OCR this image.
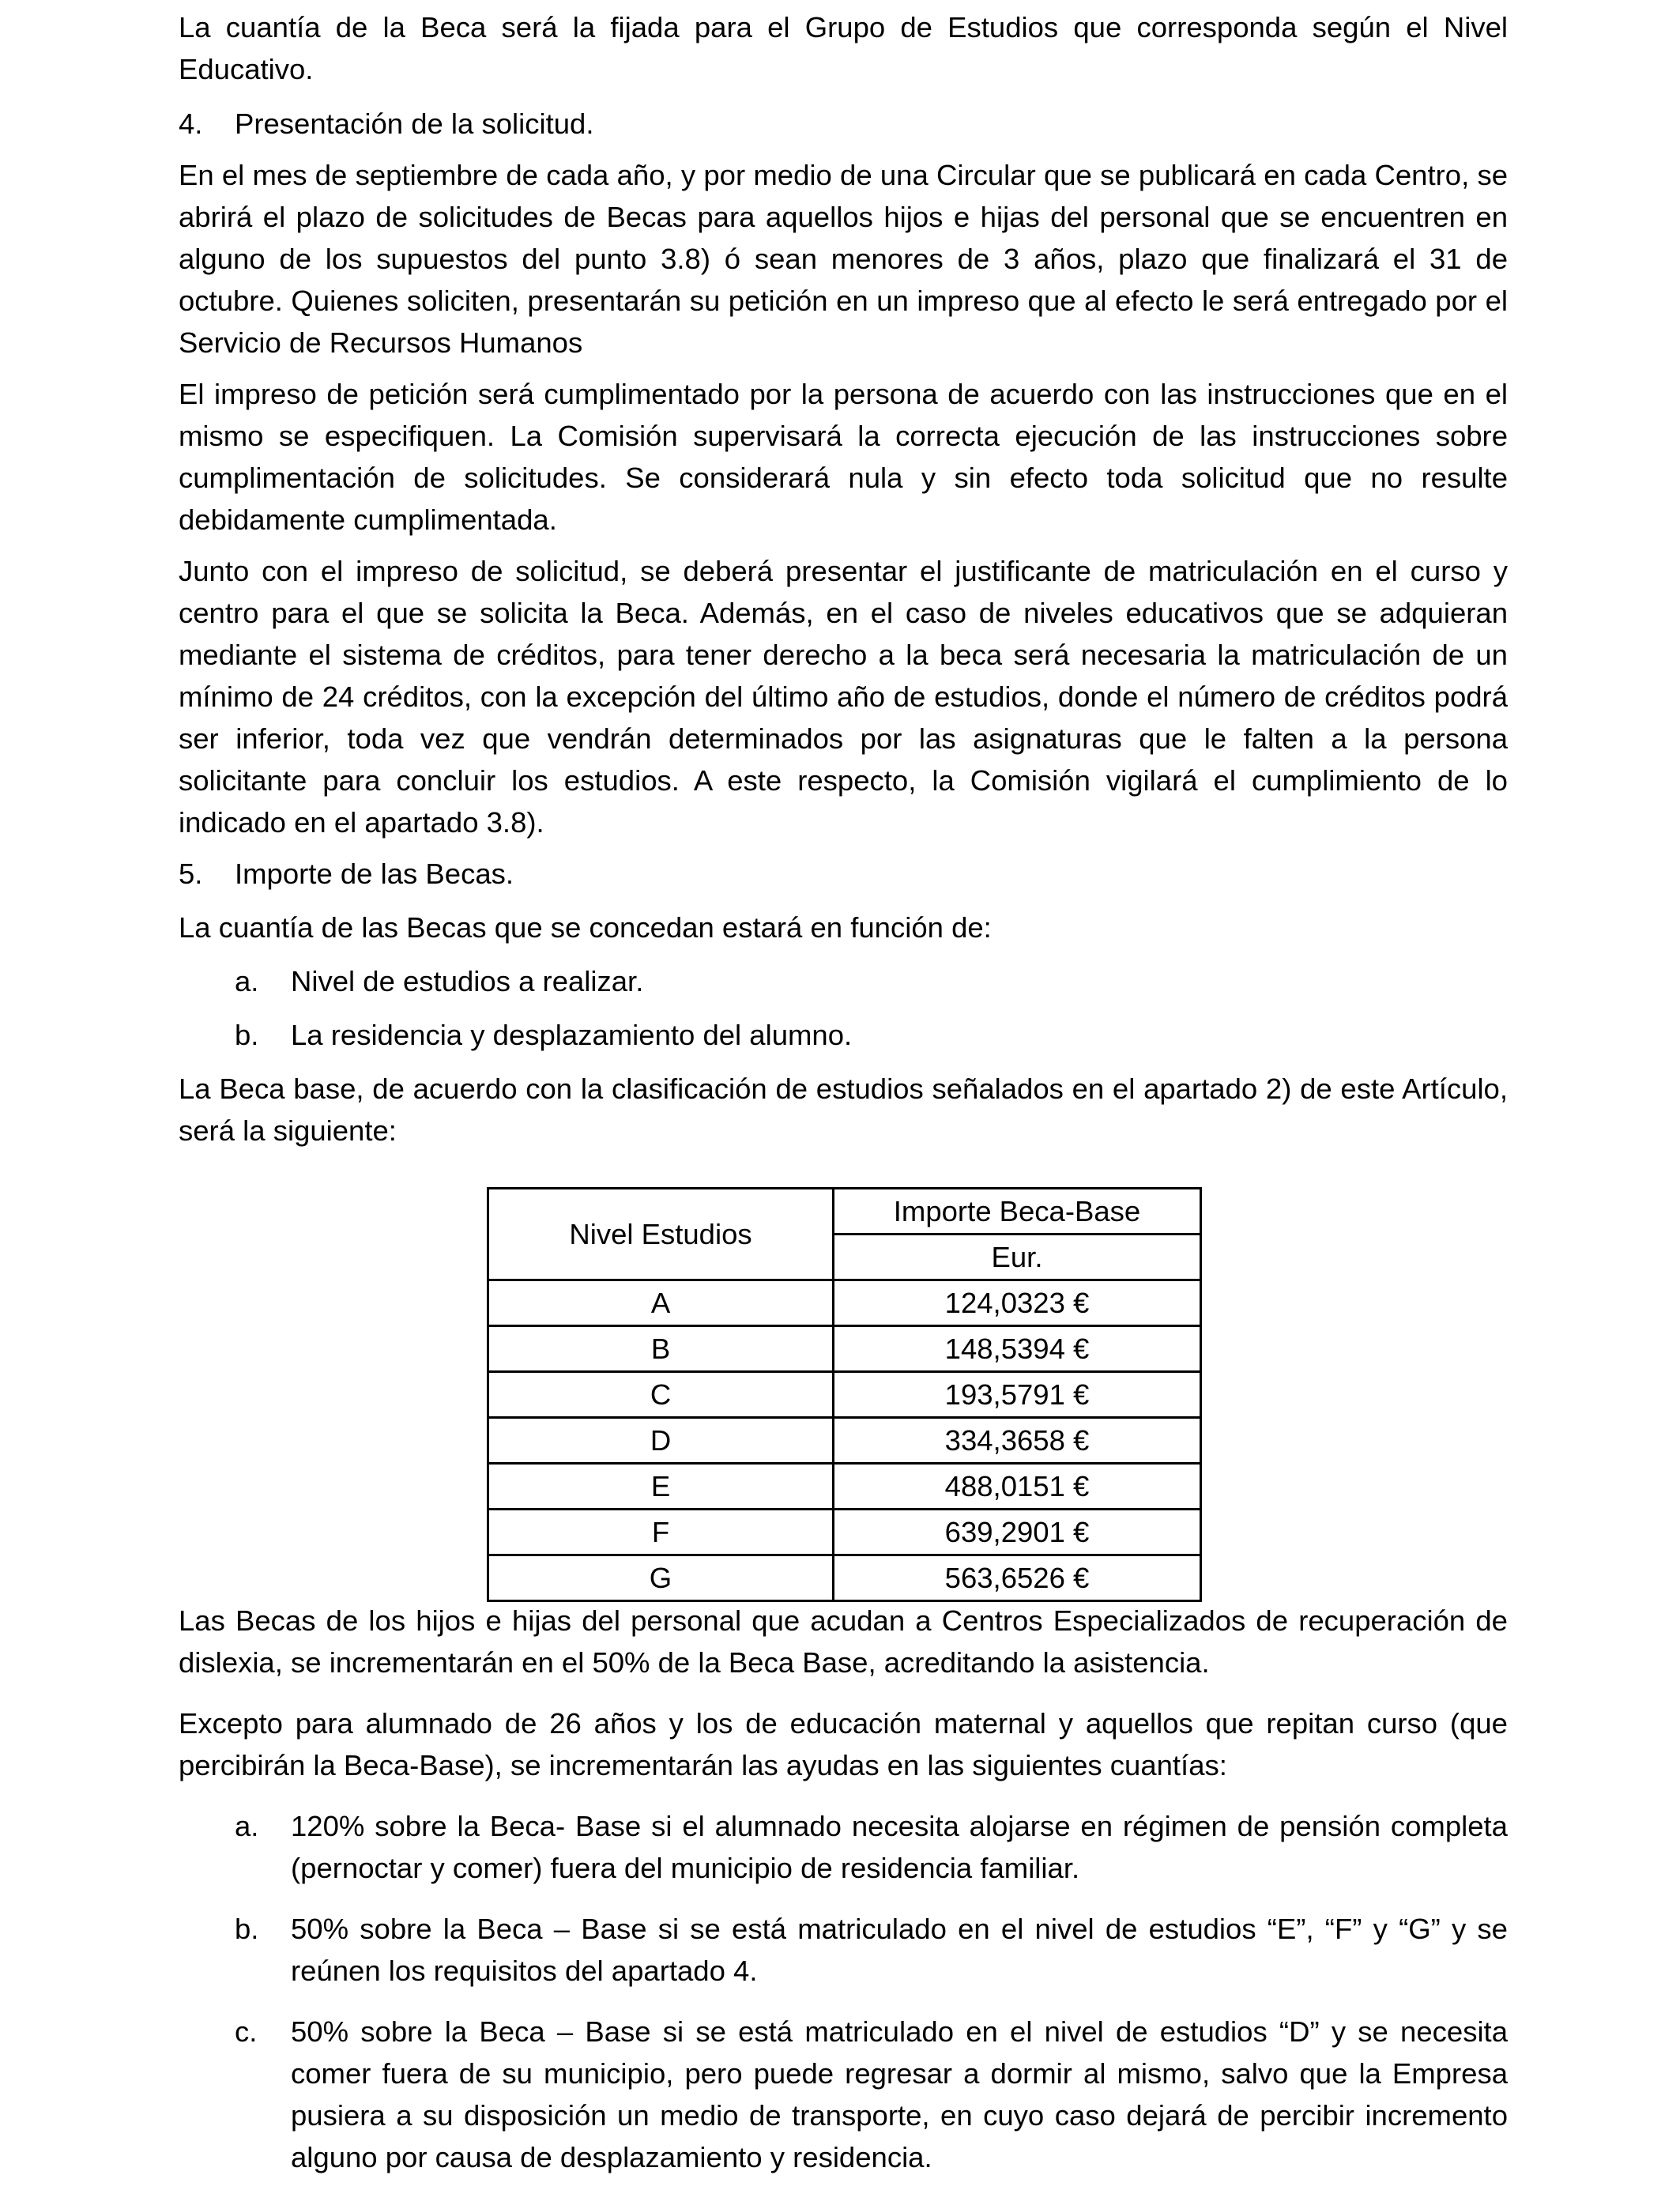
La cuantía de la Beca será la fijada para el Grupo de Estudios que corresponda según el Nivel Educativo.

4.	Presentación de la solicitud.

En el mes de septiembre de cada año, y por medio de una Circular que se publicará en cada Centro, se abrirá el plazo de solicitudes de Becas para aquellos hijos e hijas del personal que se encuentren en alguno de los supuestos del punto 3.8) ó sean menores de 3 años, plazo que finalizará el 31 de octubre. Quienes soliciten, presentarán su petición en un impreso que al efecto le será entregado por el Servicio de Recursos Humanos

El impreso de petición será cumplimentado por la persona de acuerdo con las instrucciones que en el mismo se especifiquen. La Comisión supervisará la correcta ejecución de las instrucciones sobre cumplimentación de solicitudes. Se considerará nula y sin efecto toda solicitud que no resulte debidamente cumplimentada.

Junto con el impreso de solicitud, se deberá presentar el justificante de matriculación en el curso y centro para el que se solicita la Beca. Además, en el caso de niveles educativos que se adquieran mediante el sistema de créditos, para tener derecho a la beca será necesaria la matriculación de un mínimo de 24 créditos, con la excepción del último año de estudios, donde el número de créditos podrá ser inferior, toda vez que vendrán determinados por las asignaturas que le falten a la persona solicitante para concluir los estudios. A este respecto, la Comisión vigilará el cumplimiento de lo indicado en el apartado 3.8).

5.	Importe de las Becas.

La cuantía de las Becas que se concedan estará en función de:

a.	Nivel de estudios a realizar.
b.	La residencia y desplazamiento del alumno.

La Beca base, de acuerdo con la clasificación de estudios señalados en el apartado 2) de este Artículo, será la siguiente:

Nivel Estudios	Importe Beca-Base
	Eur.
A	124,0323 €
B	148,5394 €
C	193,5791 €
D	334,3658 €
E	488,0151 €
F	639,2901 €
G	563,6526 €

Las Becas de los hijos e hijas del personal que acudan a Centros Especializados de recuperación de dislexia, se incrementarán en el 50% de la Beca Base, acreditando la asistencia.

Excepto para alumnado de 26 años y los de educación maternal y aquellos que repitan curso (que percibirán la Beca-Base), se incrementarán las ayudas en las siguientes cuantías:

a.	120% sobre la Beca- Base si el alumnado necesita alojarse en régimen de pensión completa (pernoctar y comer) fuera del municipio de residencia familiar.
b.	50% sobre la Beca – Base si se está matriculado en el nivel de estudios “E”, “F” y “G” y se reúnen los requisitos del apartado 4.
c.	50% sobre la Beca – Base si se está matriculado en el nivel de estudios “D” y se necesita comer fuera de su municipio, pero puede regresar a dormir al mismo, salvo que la Empresa pusiera a su disposición un medio de transporte, en cuyo caso dejará de percibir incremento alguno por causa de desplazamiento y residencia.
